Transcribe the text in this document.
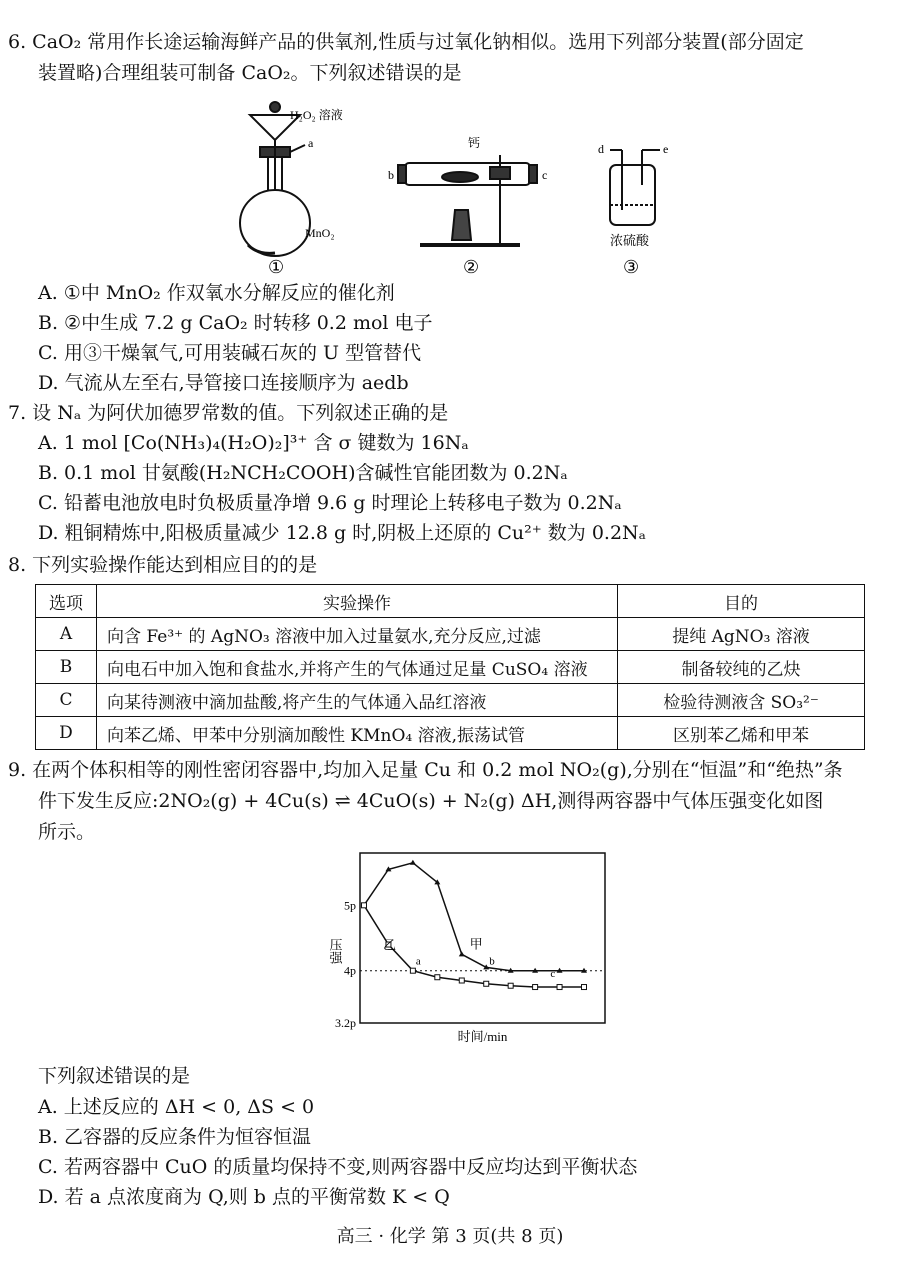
6. CaO₂ 常用作长途运输海鲜产品的供氧剂,性质与过氧化钠相似。选用下列部分装置(部分固定
装置略)合理组装可制备 CaO₂。下列叙述错误的是
H₂O₂ 溶液
a
MnO₂
①
钙
b	c
②
d	e
浓硫酸
③
A. ①中 MnO₂ 作双氧水分解反应的催化剂
B. ②中生成 7.2 g CaO₂ 时转移 0.2 mol 电子
C. 用③干燥氧气,可用装碱石灰的 U 型管替代
D. 气流从左至右,导管接口连接顺序为 aedb
7. 设 Nₐ 为阿伏加德罗常数的值。下列叙述正确的是
A. 1 mol [Co(NH₃)₄(H₂O)₂]³⁺ 含 σ 键数为 16Nₐ
B. 0.1 mol 甘氨酸(H₂NCH₂COOH)含碱性官能团数为 0.2Nₐ
C. 铅蓄电池放电时负极质量净增 9.6 g 时理论上转移电子数为 0.2Nₐ
D. 粗铜精炼中,阳极质量减少 12.8 g 时,阴极上还原的 Cu²⁺ 数为 0.2Nₐ
8. 下列实验操作能达到相应目的的是
选项	实验操作	目的
A	向含 Fe³⁺ 的 AgNO₃ 溶液中加入过量氨水,充分反应,过滤	提纯 AgNO₃ 溶液
B	向电石中加入饱和食盐水,并将产生的气体通过足量 CuSO₄ 溶液	制备较纯的乙炔
C	向某待测液中滴加盐酸,将产生的气体通入品红溶液	检验待测液含 SO₃²⁻
D	向苯乙烯、甲苯中分别滴加酸性 KMnO₄ 溶液,振荡试管	区别苯乙烯和甲苯
9. 在两个体积相等的刚性密闭容器中,均加入足量 Cu 和 0.2 mol NO₂(g),分别在“恒温”和“绝热”条
件下发生反应:2NO₂(g) + 4Cu(s) ⇌ 4CuO(s) + N₂(g) ΔH,测得两容器中气体压强变化如图
所示。
5p
4p
3.2p
压强
时间/min
甲
乙
a	b
c
下列叙述错误的是
A. 上述反应的 ΔH < 0, ΔS < 0
B. 乙容器的反应条件为恒容恒温
C. 若两容器中 CuO 的质量均保持不变,则两容器中反应均达到平衡状态
D. 若 a 点浓度商为 Q,则 b 点的平衡常数 K < Q
高三 · 化学 第 3 页(共 8 页)
